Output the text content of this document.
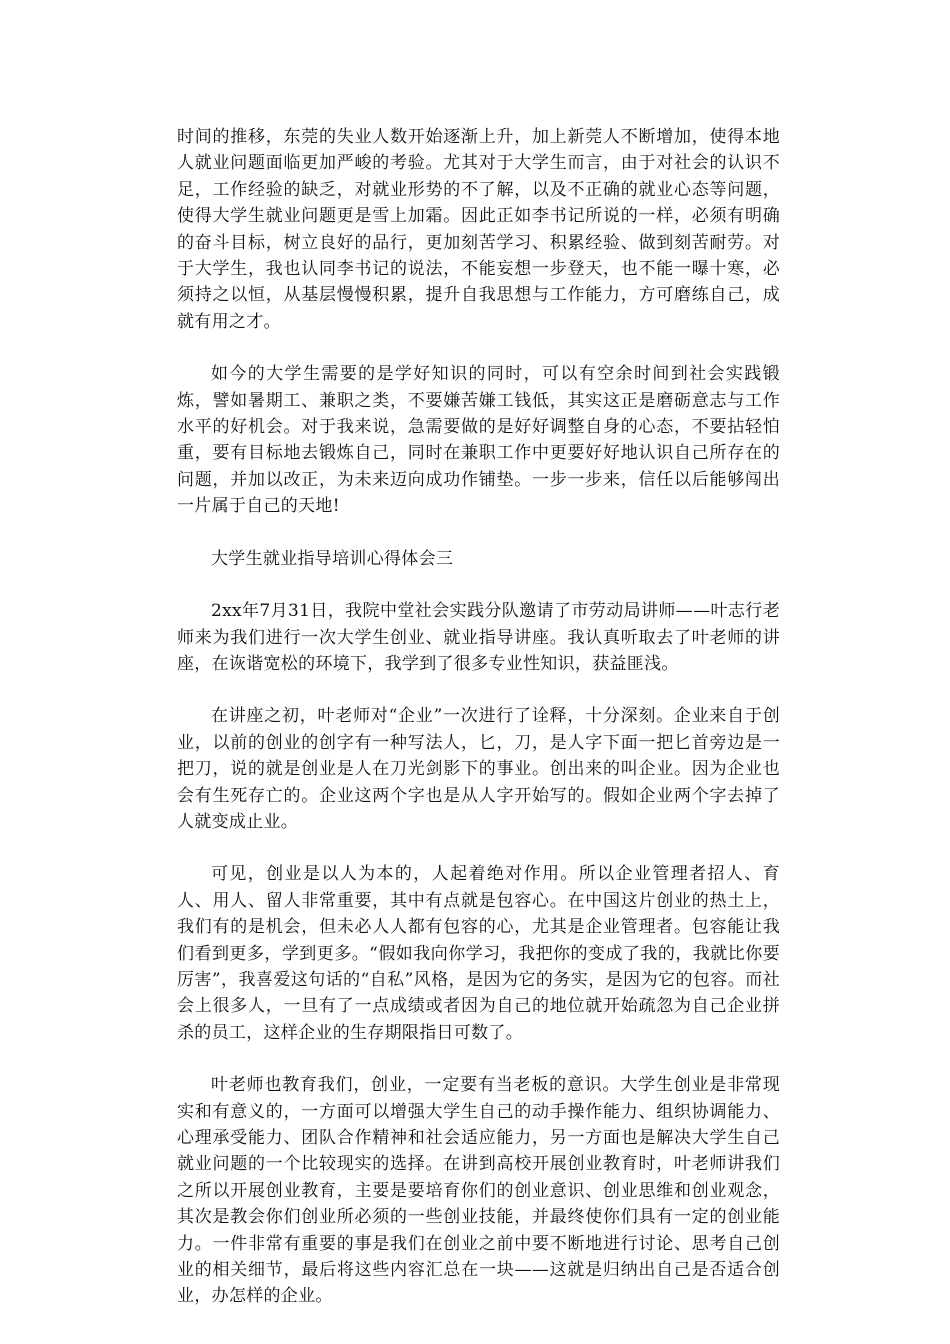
时间的推移，东莞的失业人数开始逐渐上升，加上新莞人不断增加，使得本地人就业问题面临更加严峻的考验。尤其对于大学生而言，由于对社会的认识不足，工作经验的缺乏，对就业形势的不了解，以及不正确的就业心态等问题，使得大学生就业问题更是雪上加霜。因此正如李书记所说的一样，必须有明确的奋斗目标，树立良好的品行，更加刻苦学习、积累经验、做到刻苦耐劳。对于大学生，我也认同李书记的说法，不能妄想一步登天，也不能一曝十寒，必须持之以恒，从基层慢慢积累，提升自我思想与工作能力，方可磨练自己，成就有用之才。

如今的大学生需要的是学好知识的同时，可以有空余时间到社会实践锻炼，譬如暑期工、兼职之类，不要嫌苦嫌工钱低，其实这正是磨砺意志与工作水平的好机会。对于我来说，急需要做的是好好调整自身的心态，不要拈轻怕重，要有目标地去锻炼自己，同时在兼职工作中更要好好地认识自己所存在的问题，并加以改正，为未来迈向成功作铺垫。一步一步来，信任以后能够闯出一片属于自己的天地!

大学生就业指导培训心得体会三

2xx年7月31日，我院中堂社会实践分队邀请了市劳动局讲师——叶志行老师来为我们进行一次大学生创业、就业指导讲座。我认真听取去了叶老师的讲座，在诙谐宽松的环境下，我学到了很多专业性知识，获益匪浅。

在讲座之初，叶老师对“企业”一次进行了诠释，十分深刻。企业来自于创业，以前的创业的创字有一种写法人，匕，刀，是人字下面一把匕首旁边是一把刀，说的就是创业是人在刀光剑影下的事业。创出来的叫企业。因为企业也会有生死存亡的。企业这两个字也是从人字开始写的。假如企业两个字去掉了人就变成止业。

可见，创业是以人为本的，人起着绝对作用。所以企业管理者招人、育人、用人、留人非常重要，其中有点就是包容心。在中国这片创业的热土上，我们有的是机会，但未必人人都有包容的心，尤其是企业管理者。包容能让我们看到更多，学到更多。“假如我向你学习，我把你的变成了我的，我就比你要厉害”，我喜爱这句话的“自私”风格，是因为它的务实，是因为它的包容。而社会上很多人，一旦有了一点成绩或者因为自己的地位就开始疏忽为自己企业拼杀的员工，这样企业的生存期限指日可数了。

叶老师也教育我们，创业，一定要有当老板的意识。大学生创业是非常现实和有意义的，一方面可以增强大学生自己的动手操作能力、组织协调能力、心理承受能力、团队合作精神和社会适应能力，另一方面也是解决大学生自己就业问题的一个比较现实的选择。在讲到高校开展创业教育时，叶老师讲我们之所以开展创业教育，主要是要培育你们的创业意识、创业思维和创业观念，其次是教会你们创业所必须的一些创业技能，并最终使你们具有一定的创业能力。一件非常有重要的事是我们在创业之前中要不断地进行讨论、思考自己创业的相关细节，最后将这些内容汇总在一块——这就是归纳出自己是否适合创业，办怎样的企业。
